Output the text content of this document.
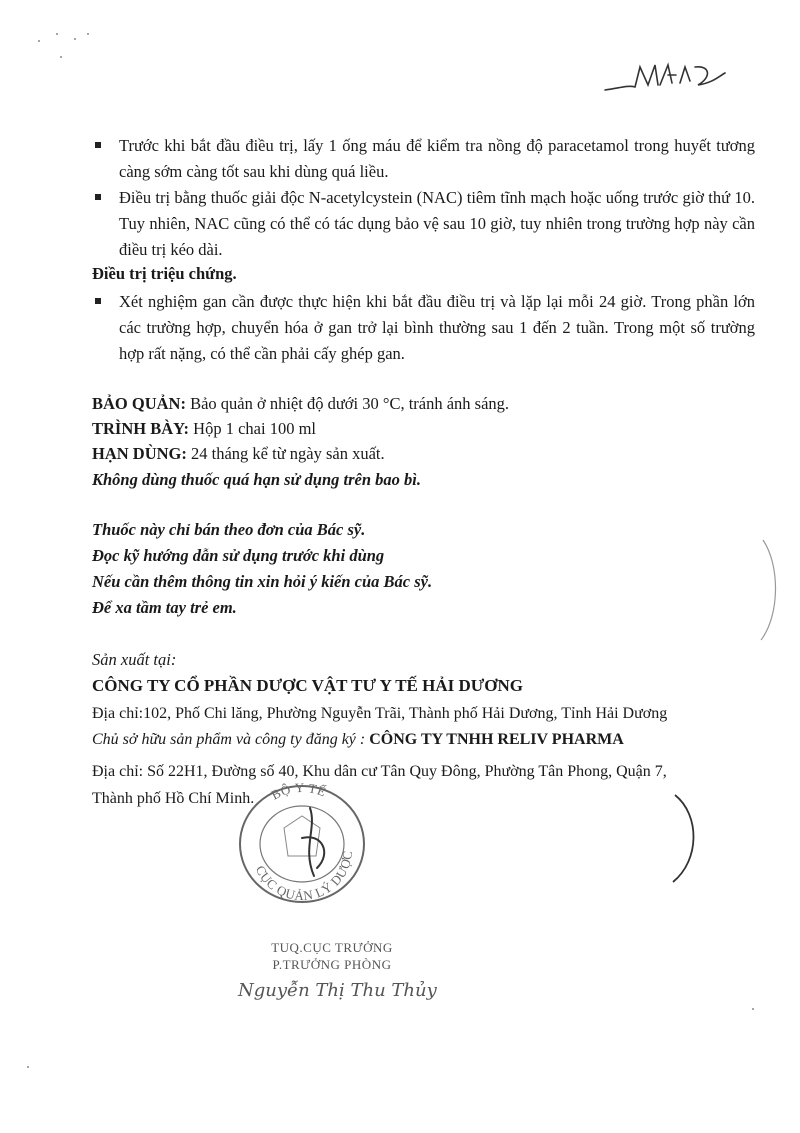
Trước khi bắt đầu điều trị, lấy 1 ống máu để kiểm tra nồng độ paracetamol trong huyết tương càng sớm càng tốt sau khi dùng quá liều.
Điều trị bằng thuốc giải độc N-acetylcystein (NAC) tiêm tĩnh mạch hoặc uống trước giờ thứ 10. Tuy nhiên, NAC cũng có thể có tác dụng bảo vệ sau 10 giờ, tuy nhiên trong trường hợp này cần điều trị kéo dài.
Điều trị triệu chứng.
Xét nghiệm gan cần được thực hiện khi bắt đầu điều trị và lặp lại mỗi 24 giờ. Trong phần lớn các trường hợp, chuyển hóa ở gan trở lại bình thường sau 1 đến 2 tuần. Trong một số trường hợp rất nặng, có thể cần phải cấy ghép gan.
BẢO QUẢN: Bảo quản ở nhiệt độ dưới 30 °C, tránh ánh sáng.
TRÌNH BÀY: Hộp 1 chai 100 ml
HẠN DÙNG: 24 tháng kể từ ngày sản xuất.
Không dùng thuốc quá hạn sử dụng trên bao bì.
Thuốc này chỉ bán theo đơn của Bác sỹ.
Đọc kỹ hướng dẫn sử dụng trước khi dùng
Nếu cần thêm thông tin xin hỏi ý kiến của Bác sỹ.
Để xa tầm tay trẻ em.
Sản xuất tại:
CÔNG TY CỔ PHẦN DƯỢC VẬT TƯ Y TẾ HẢI DƯƠNG
Địa chỉ:102, Phố Chi lăng, Phường Nguyễn Trãi, Thành phố Hải Dương, Tỉnh Hải Dương
Chủ sở hữu sản phẩm và công ty đăng ký : CÔNG TY TNHH RELIV PHARMA
Địa chỉ: Số 22H1, Đường số 40, Khu dân cư Tân Quy Đông, Phường Tân Phong, Quận 7,
Thành phố Hồ Chí Minh. BỘ Y TẾ
CỤC QUẢN LÝ DƯỢC
TUQ.CỤC TRƯỞNG
P.TRƯỞNG PHÒNG
Nguyễn Thị Thu Thủy
